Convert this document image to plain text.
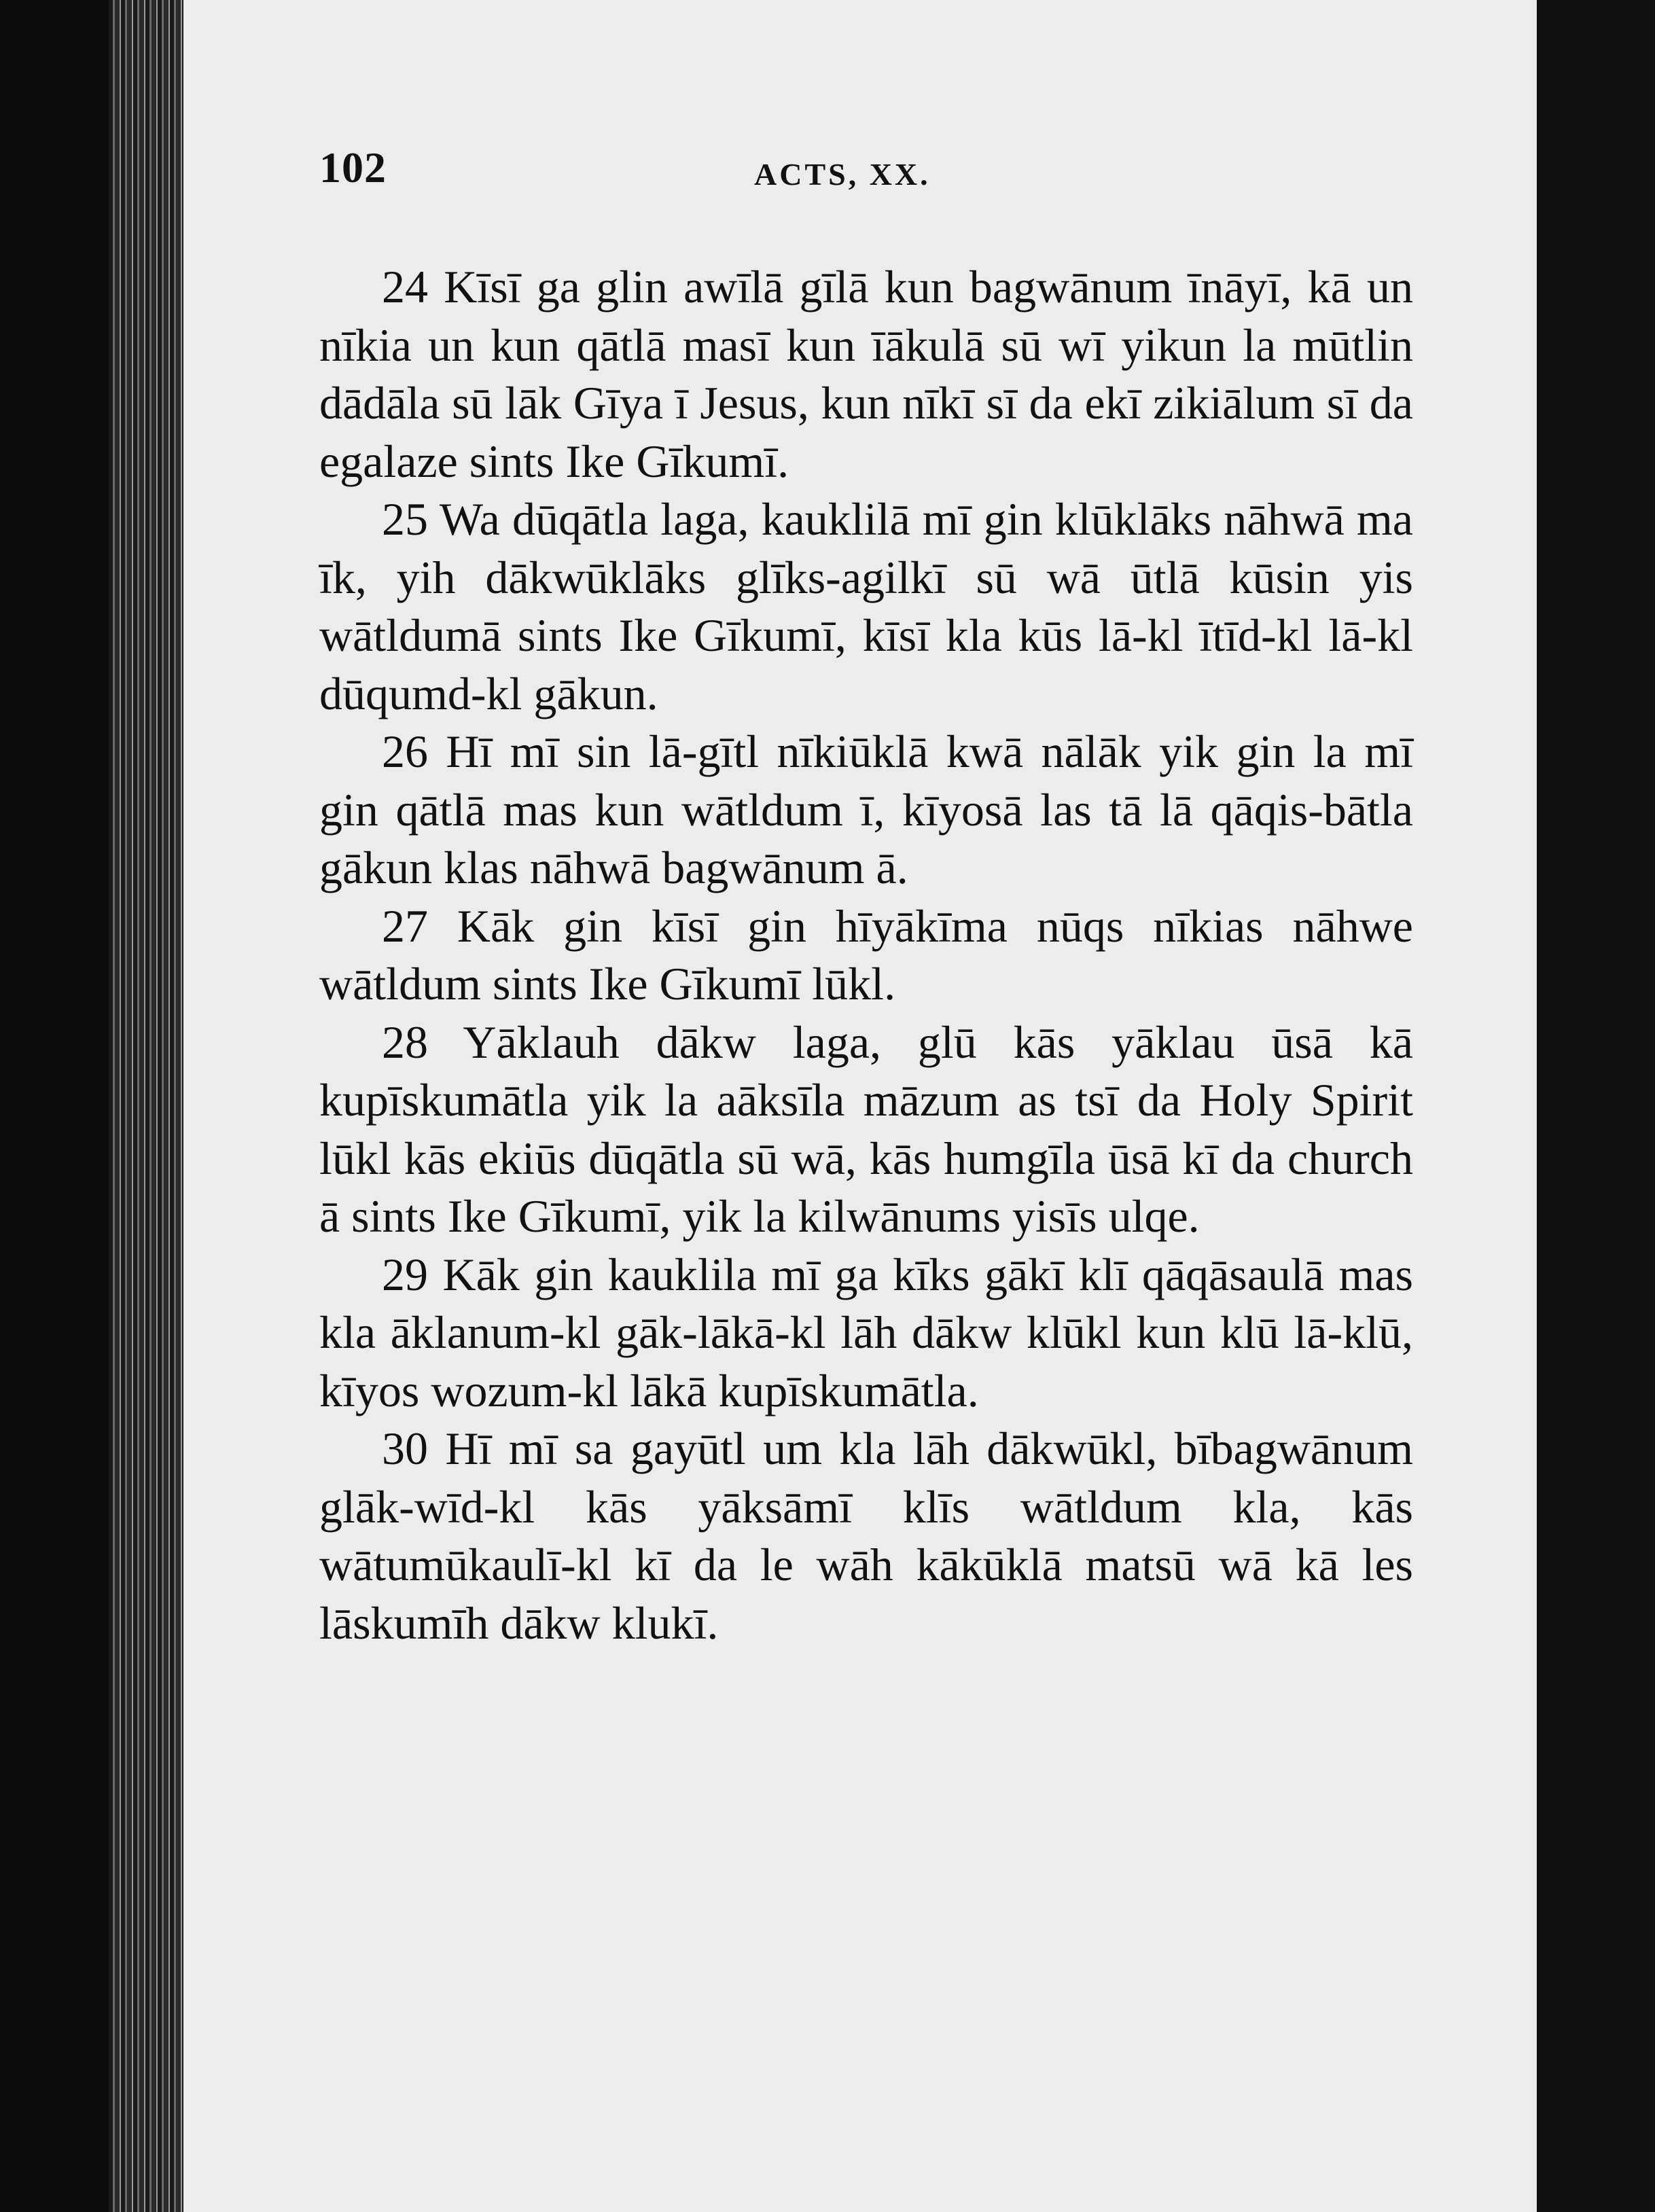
102	ACTS, XX.

24 Kīsī ga glin awīlā gīlā kun bagwānum īnāyī, kā un nīkia un kun qātlā masī kun īākulā sū wī yikun la mūtlin dādāla sū lāk Gīya ī Jesus, kun nīkī sī da ekī zikiālum sī da egalaze sints Ike Gīkumī.

25 Wa dūqātla laga, kauklilā mī gin klūklāks nāhwā ma īk, yih dākwūklāks glīks-agilkī sū wā ūtlā kūsin yis wātldumā sints Ike Gīkumī, kīsī kla kūs lā-kl ītīd-kl lā-kl dūqumd-kl gākun.

26 Hī mī sin lā-gītl nīkiūklā kwā nālāk yik gin la mī gin qātlā mas kun wātldum ī, kīyosā las tā lā qāqis-bātla gākun klas nāhwā bagwānum ā.

27 Kāk gin kīsī gin hīyākīma nūqs nīkias nāhwe wātldum sints Ike Gīkumī lūkl.

28 Yāklauh dākw laga, glū kās yāklau ūsā kā kupīskumātla yik la aāksīla māzum as tsī da Holy Spirit lūkl kās ekiūs dūqātla sū wā, kās humgīla ūsā kī da church ā sints Ike Gīkumī, yik la kilwānums yisīs ulqe.

29 Kāk gin kauklila mī ga kīks gākī klī qāqāsaulā mas kla āklanum-kl gāk-lākā-kl lāh dākw klūkl kun klū lā-klū, kīyos wozum-kl lākā kupīskumātla.

30 Hī mī sa gayūtl um kla lāh dākwūkl, bībagwānum glāk-wīd-kl kās yāksāmī klīs wātldum kla, kās wātumūkaulī-kl kī da le wāh kākūklā matsū wā kā les lāskumīh dākw klukī.
